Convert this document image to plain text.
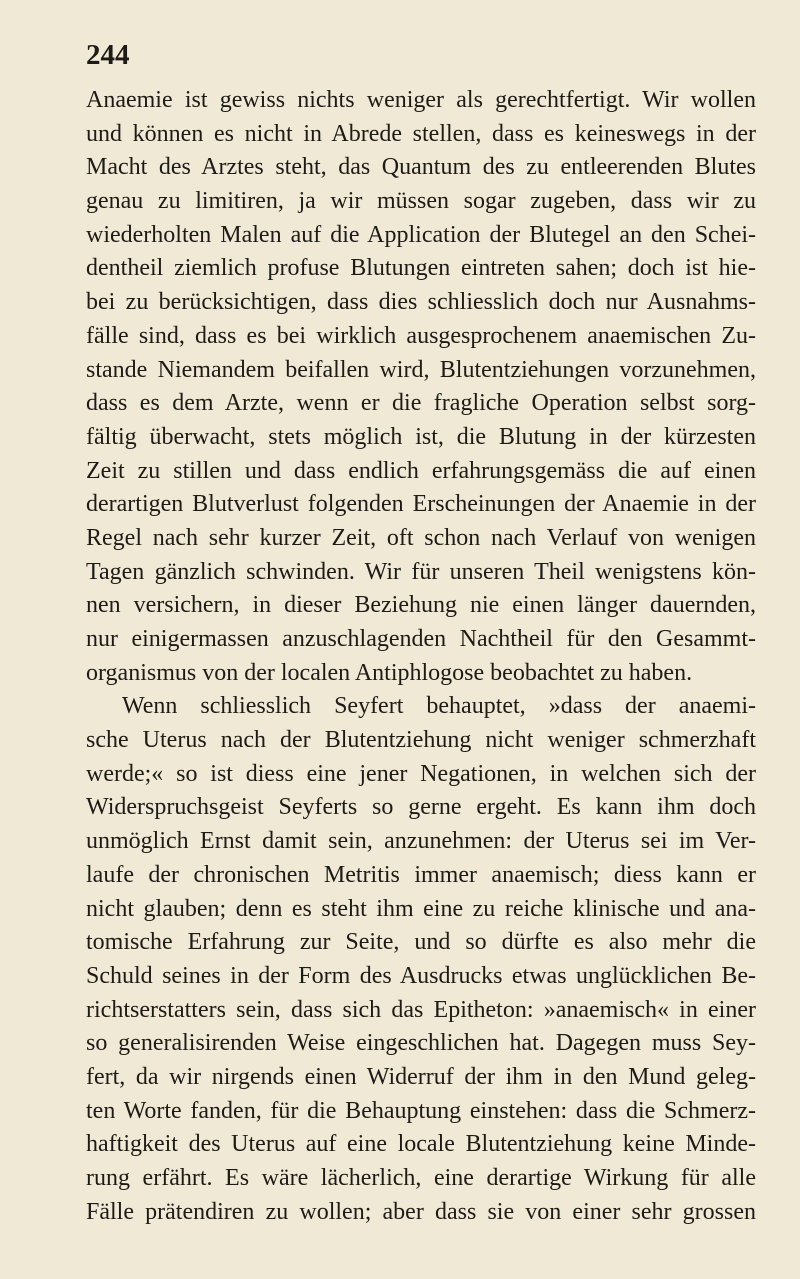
244
Anaemie ist gewiss nichts weniger als gerechtfertigt. Wir wollen
und können es nicht in Abrede stellen, dass es keineswegs in der
Macht des Arztes steht, das Quantum des zu entleerenden Blutes
genau zu limitiren, ja wir müssen sogar zugeben, dass wir zu
wiederholten Malen auf die Application der Blutegel an den Schei-
dentheil ziemlich profuse Blutungen eintreten sahen; doch ist hie-
bei zu berücksichtigen, dass dies schliesslich doch nur Ausnahms-
fälle sind, dass es bei wirklich ausgesprochenem anaemischen Zu-
stande Niemandem beifallen wird, Blutentziehungen vorzunehmen,
dass es dem Arzte, wenn er die fragliche Operation selbst sorg-
fältig überwacht, stets möglich ist, die Blutung in der kürzesten
Zeit zu stillen und dass endlich erfahrungsgemäss die auf einen
derartigen Blutverlust folgenden Erscheinungen der Anaemie in der
Regel nach sehr kurzer Zeit, oft schon nach Verlauf von wenigen
Tagen gänzlich schwinden. Wir für unseren Theil wenigstens kön-
nen versichern, in dieser Beziehung nie einen länger dauernden,
nur einigermassen anzuschlagenden Nachtheil für den Gesammt-
organismus von der localen Antiphlogose beobachtet zu haben.
Wenn schliesslich Seyfert behauptet, »dass der anaemi-
sche Uterus nach der Blutentziehung nicht weniger schmerzhaft
werde;« so ist diess eine jener Negationen, in welchen sich der
Widerspruchsgeist Seyferts so gerne ergeht. Es kann ihm doch
unmöglich Ernst damit sein, anzunehmen: der Uterus sei im Ver-
laufe der chronischen Metritis immer anaemisch; diess kann er
nicht glauben; denn es steht ihm eine zu reiche klinische und ana-
tomische Erfahrung zur Seite, und so dürfte es also mehr die
Schuld seines in der Form des Ausdrucks etwas unglücklichen Be-
richtserstatters sein, dass sich das Epitheton: »anaemisch« in einer
so generalisirenden Weise eingeschlichen hat. Dagegen muss Sey-
fert, da wir nirgends einen Widerruf der ihm in den Mund geleg-
ten Worte fanden, für die Behauptung einstehen: dass die Schmerz-
haftigkeit des Uterus auf eine locale Blutentziehung keine Minde-
rung erfährt. Es wäre lächerlich, eine derartige Wirkung für alle
Fälle prätendiren zu wollen; aber dass sie von einer sehr grossen
